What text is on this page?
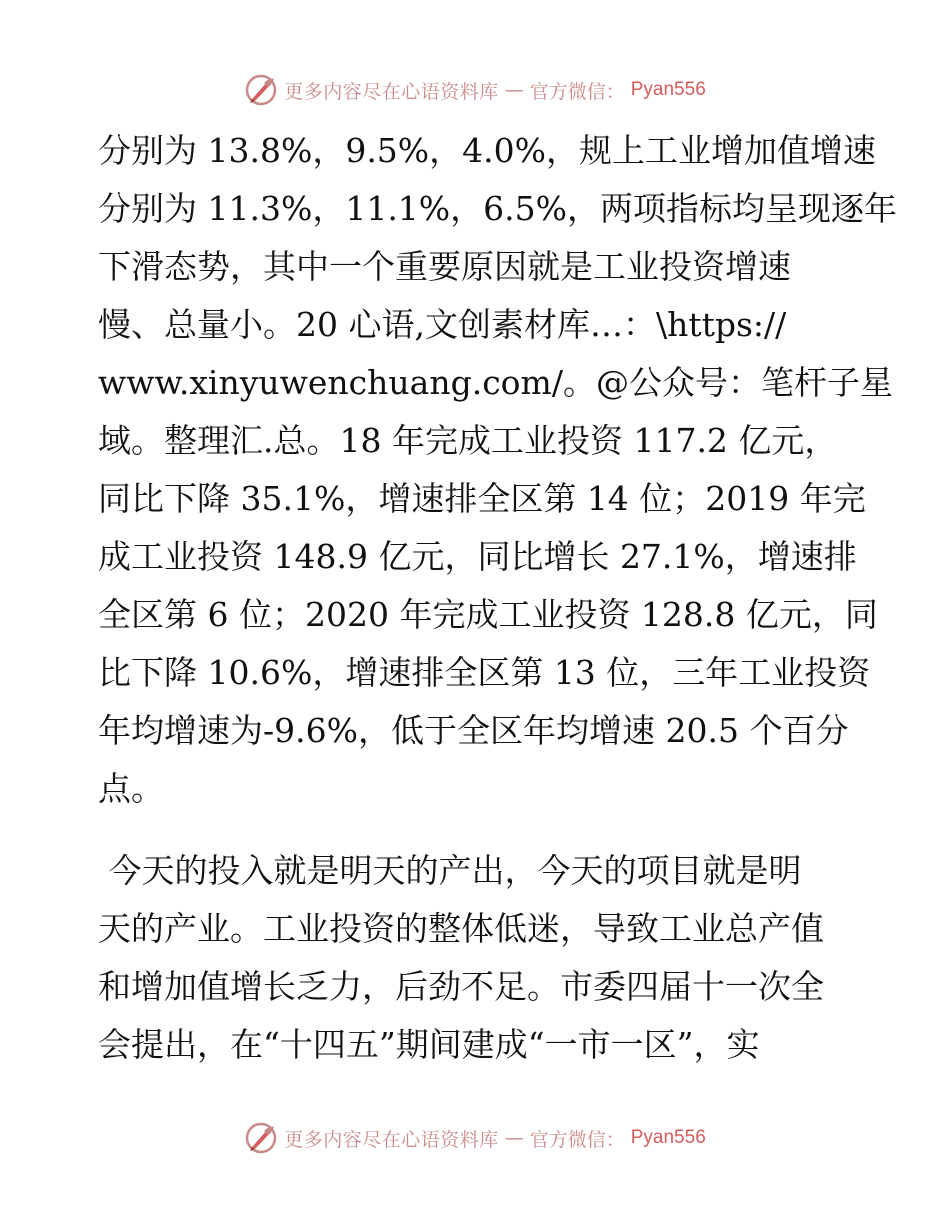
更多内容尽在心语资料库 — 官方微信： Pyan556
分别为 13.8%，9.5%，4.0%，规上工业增加值增速
分别为 11.3%，11.1%，6.5%，两项指标均呈现逐年
下滑态势，其中一个重要原因就是工业投资增速
慢、总量小。20 心语,文创素材库…：\https://
www.xinyuwenchuang.com/。@公众号：笔杆子星
域。整理汇.总。18 年完成工业投资 117.2 亿元，
同比下降 35.1%，增速排全区第 14 位；2019 年完
成工业投资 148.9 亿元，同比增长 27.1%，增速排
全区第 6 位；2020 年完成工业投资 128.8 亿元，同
比下降 10.6%，增速排全区第 13 位，三年工业投资
年均增速为-9.6%，低于全区年均增速 20.5 个百分
点。
今天的投入就是明天的产出，今天的项目就是明
天的产业。工业投资的整体低迷，导致工业总产值
和增加值增长乏力，后劲不足。市委四届十一次全
会提出，在“十四五”期间建成“一市一区”，实
更多内容尽在心语资料库 — 官方微信： Pyan556
